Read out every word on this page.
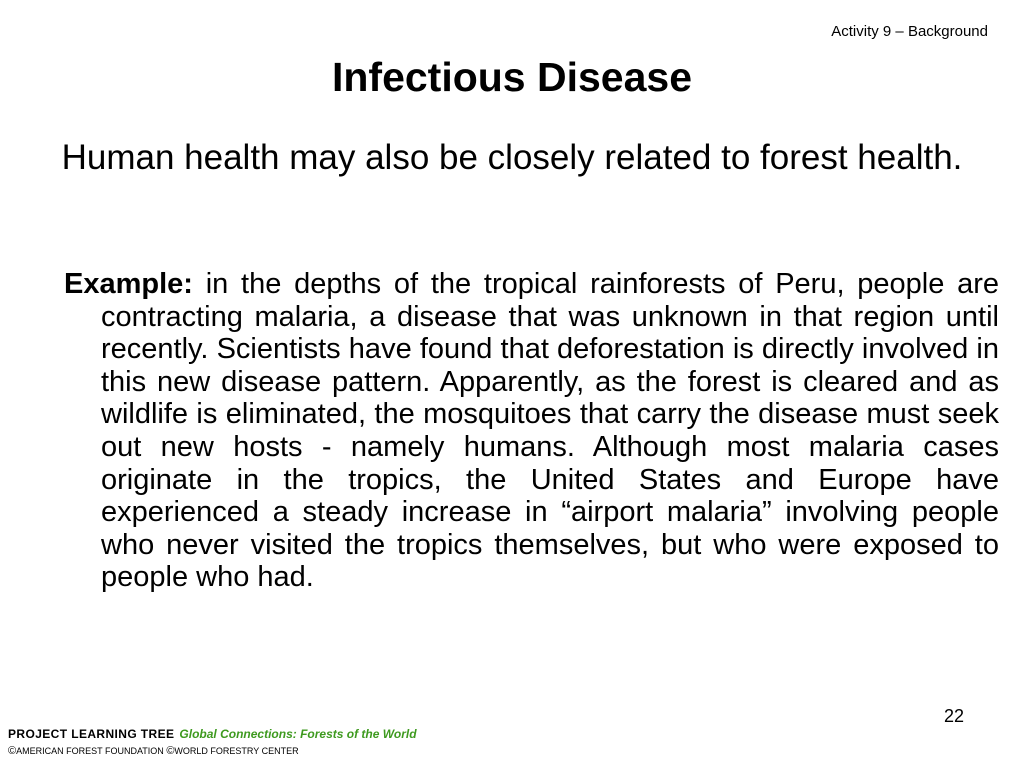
Activity 9 – Background
Infectious Disease

Human health may also be closely related to forest health.

Example: in the depths of the tropical rainforests of Peru, people are contracting malaria, a disease that was unknown in that region until recently. Scientists have found that deforestation is directly involved in this new disease pattern. Apparently, as the forest is cleared and as wildlife is eliminated, the mosquitoes that carry the disease must seek out new hosts - namely humans. Although most malaria cases originate in the tropics, the United States and Europe have experienced a steady increase in “airport malaria” involving people who never visited the tropics themselves, but who were exposed to people who had.

22
PROJECT LEARNING TREE Global Connections: Forests of the World
©AMERICAN FOREST FOUNDATION ©WORLD FORESTRY CENTER
